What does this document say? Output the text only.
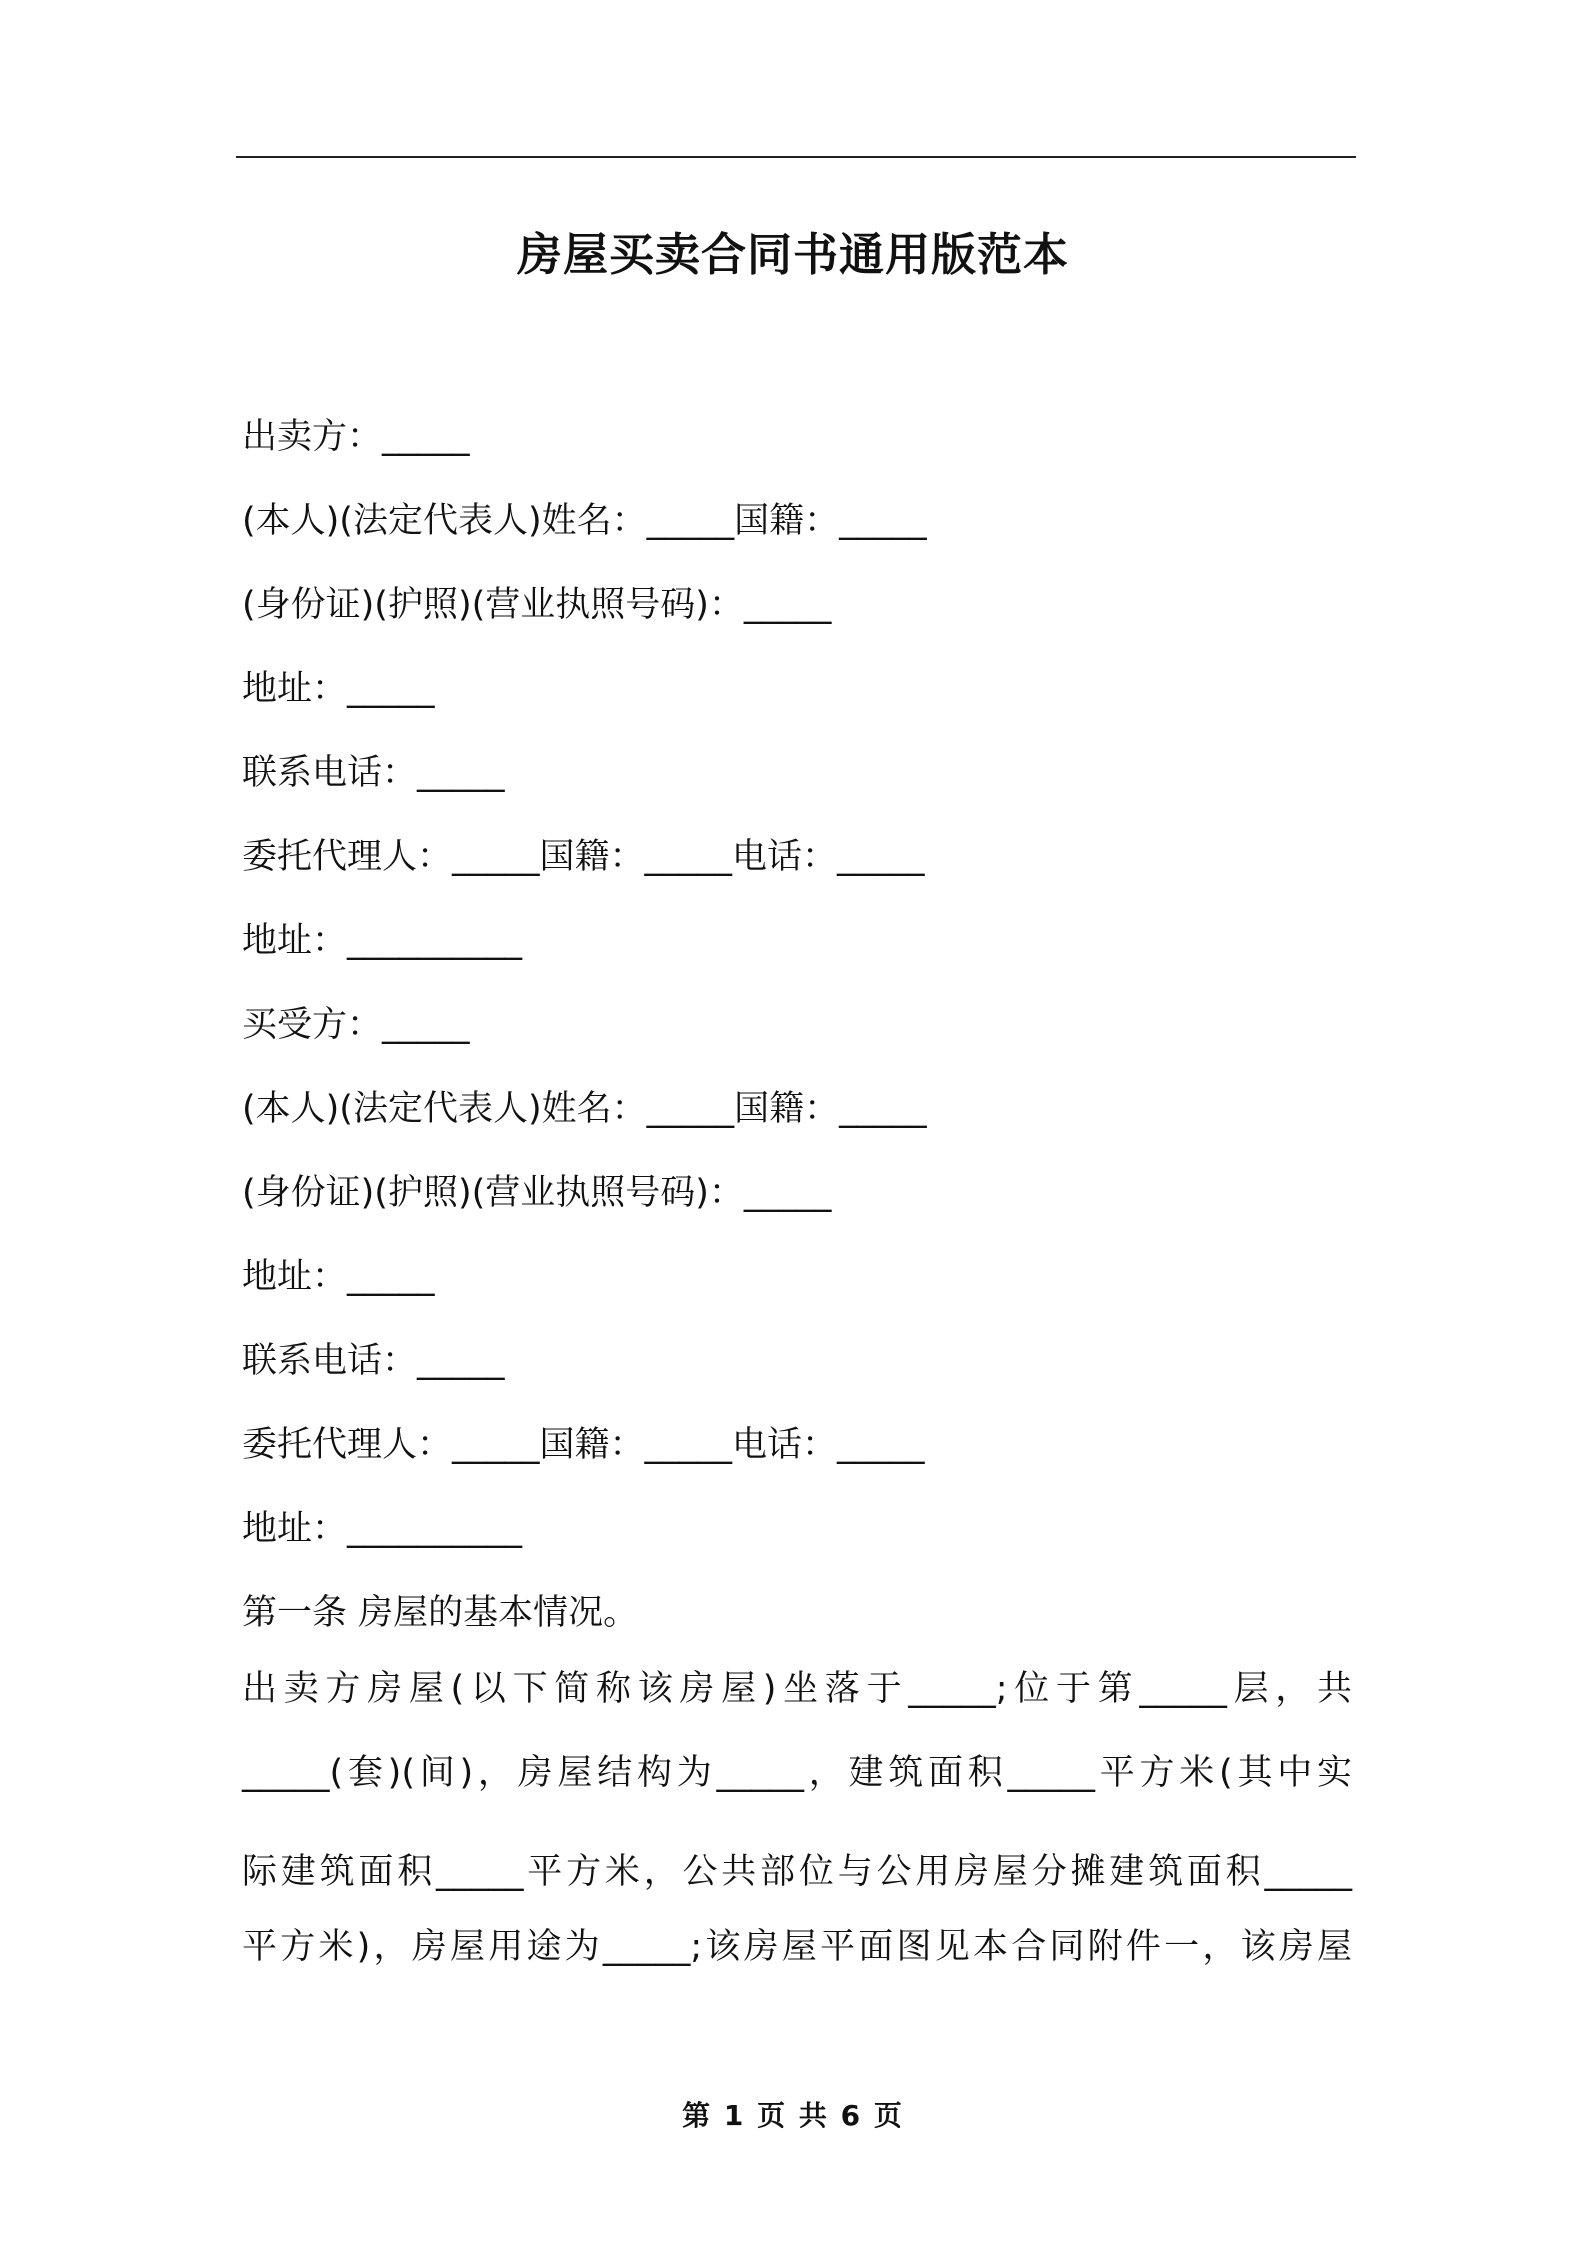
房屋买卖合同书通用版范本
出卖方：_____
(本人)(法定代表人)姓名：_____国籍：_____
(身份证)(护照)(营业执照号码)：_____
地址：_____
联系电话：_____
委托代理人：_____国籍：_____电话：_____
地址：__________
买受方：_____
(本人)(法定代表人)姓名：_____国籍：_____
(身份证)(护照)(营业执照号码)：_____
地址：_____
联系电话：_____
委托代理人：_____国籍：_____电话：_____
地址：__________
第一条 房屋的基本情况。
出卖方房屋(以下简称该房屋)坐落于_____;位于第_____层，共
_____(套)(间)，房屋结构为_____，建筑面积_____平方米(其中实
际建筑面积_____平方米，公共部位与公用房屋分摊建筑面积_____
平方米)，房屋用途为_____;该房屋平面图见本合同附件一，该房屋
第 1 页 共 6 页
